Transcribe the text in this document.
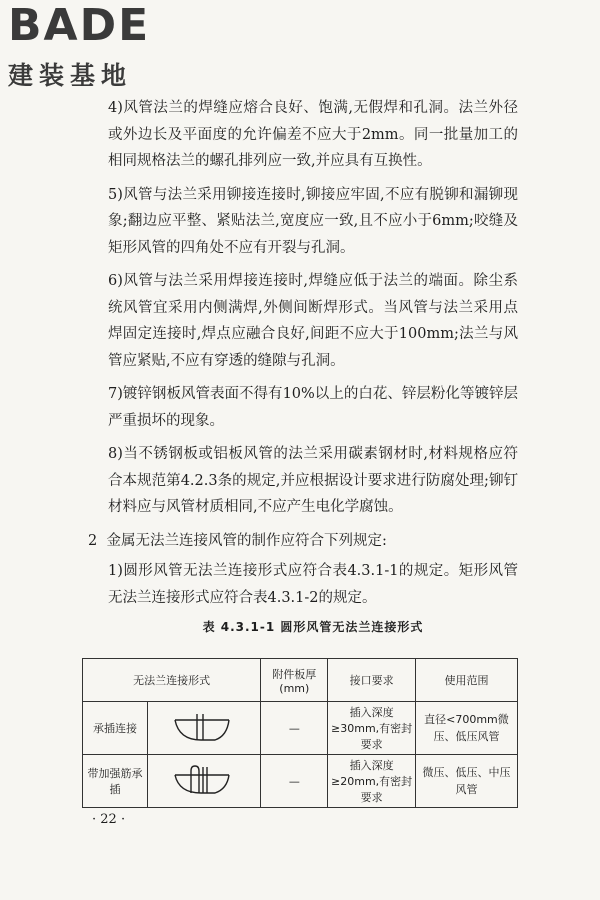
BADE
建装基地

4)风管法兰的焊缝应熔合良好、饱满,无假焊和孔洞。法兰外径或外边长及平面度的允许偏差不应大于2mm。同一批量加工的相同规格法兰的螺孔排列应一致,并应具有互换性。

5)风管与法兰采用铆接连接时,铆接应牢固,不应有脱铆和漏铆现象;翻边应平整、紧贴法兰,宽度应一致,且不应小于6mm;咬缝及矩形风管的四角处不应有开裂与孔洞。

6)风管与法兰采用焊接连接时,焊缝应低于法兰的端面。除尘系统风管宜采用内侧满焊,外侧间断焊形式。当风管与法兰采用点焊固定连接时,焊点应融合良好,间距不应大于100mm;法兰与风管应紧贴,不应有穿透的缝隙与孔洞。

7)镀锌钢板风管表面不得有10%以上的白花、锌层粉化等镀锌层严重损坏的现象。

8)当不锈钢板或铝板风管的法兰采用碳素钢材时,材料规格应符合本规范第4.2.3条的规定,并应根据设计要求进行防腐处理;铆钉材料应与风管材质相同,不应产生电化学腐蚀。

2 金属无法兰连接风管的制作应符合下列规定:

1)圆形风管无法兰连接形式应符合表4.3.1-1的规定。矩形风管无法兰连接形式应符合表4.3.1-2的规定。

表 4.3.1-1 圆形风管无法兰连接形式
无法兰连接形式		附件板厚(mm)	接口要求	使用范围
承插连接		—	插入深度≥30mm,有密封要求	直径<700mm微压、低压风管
带加强筋承插		—	插入深度≥20mm,有密封要求	微压、低压、中压风管
· 22 ·
